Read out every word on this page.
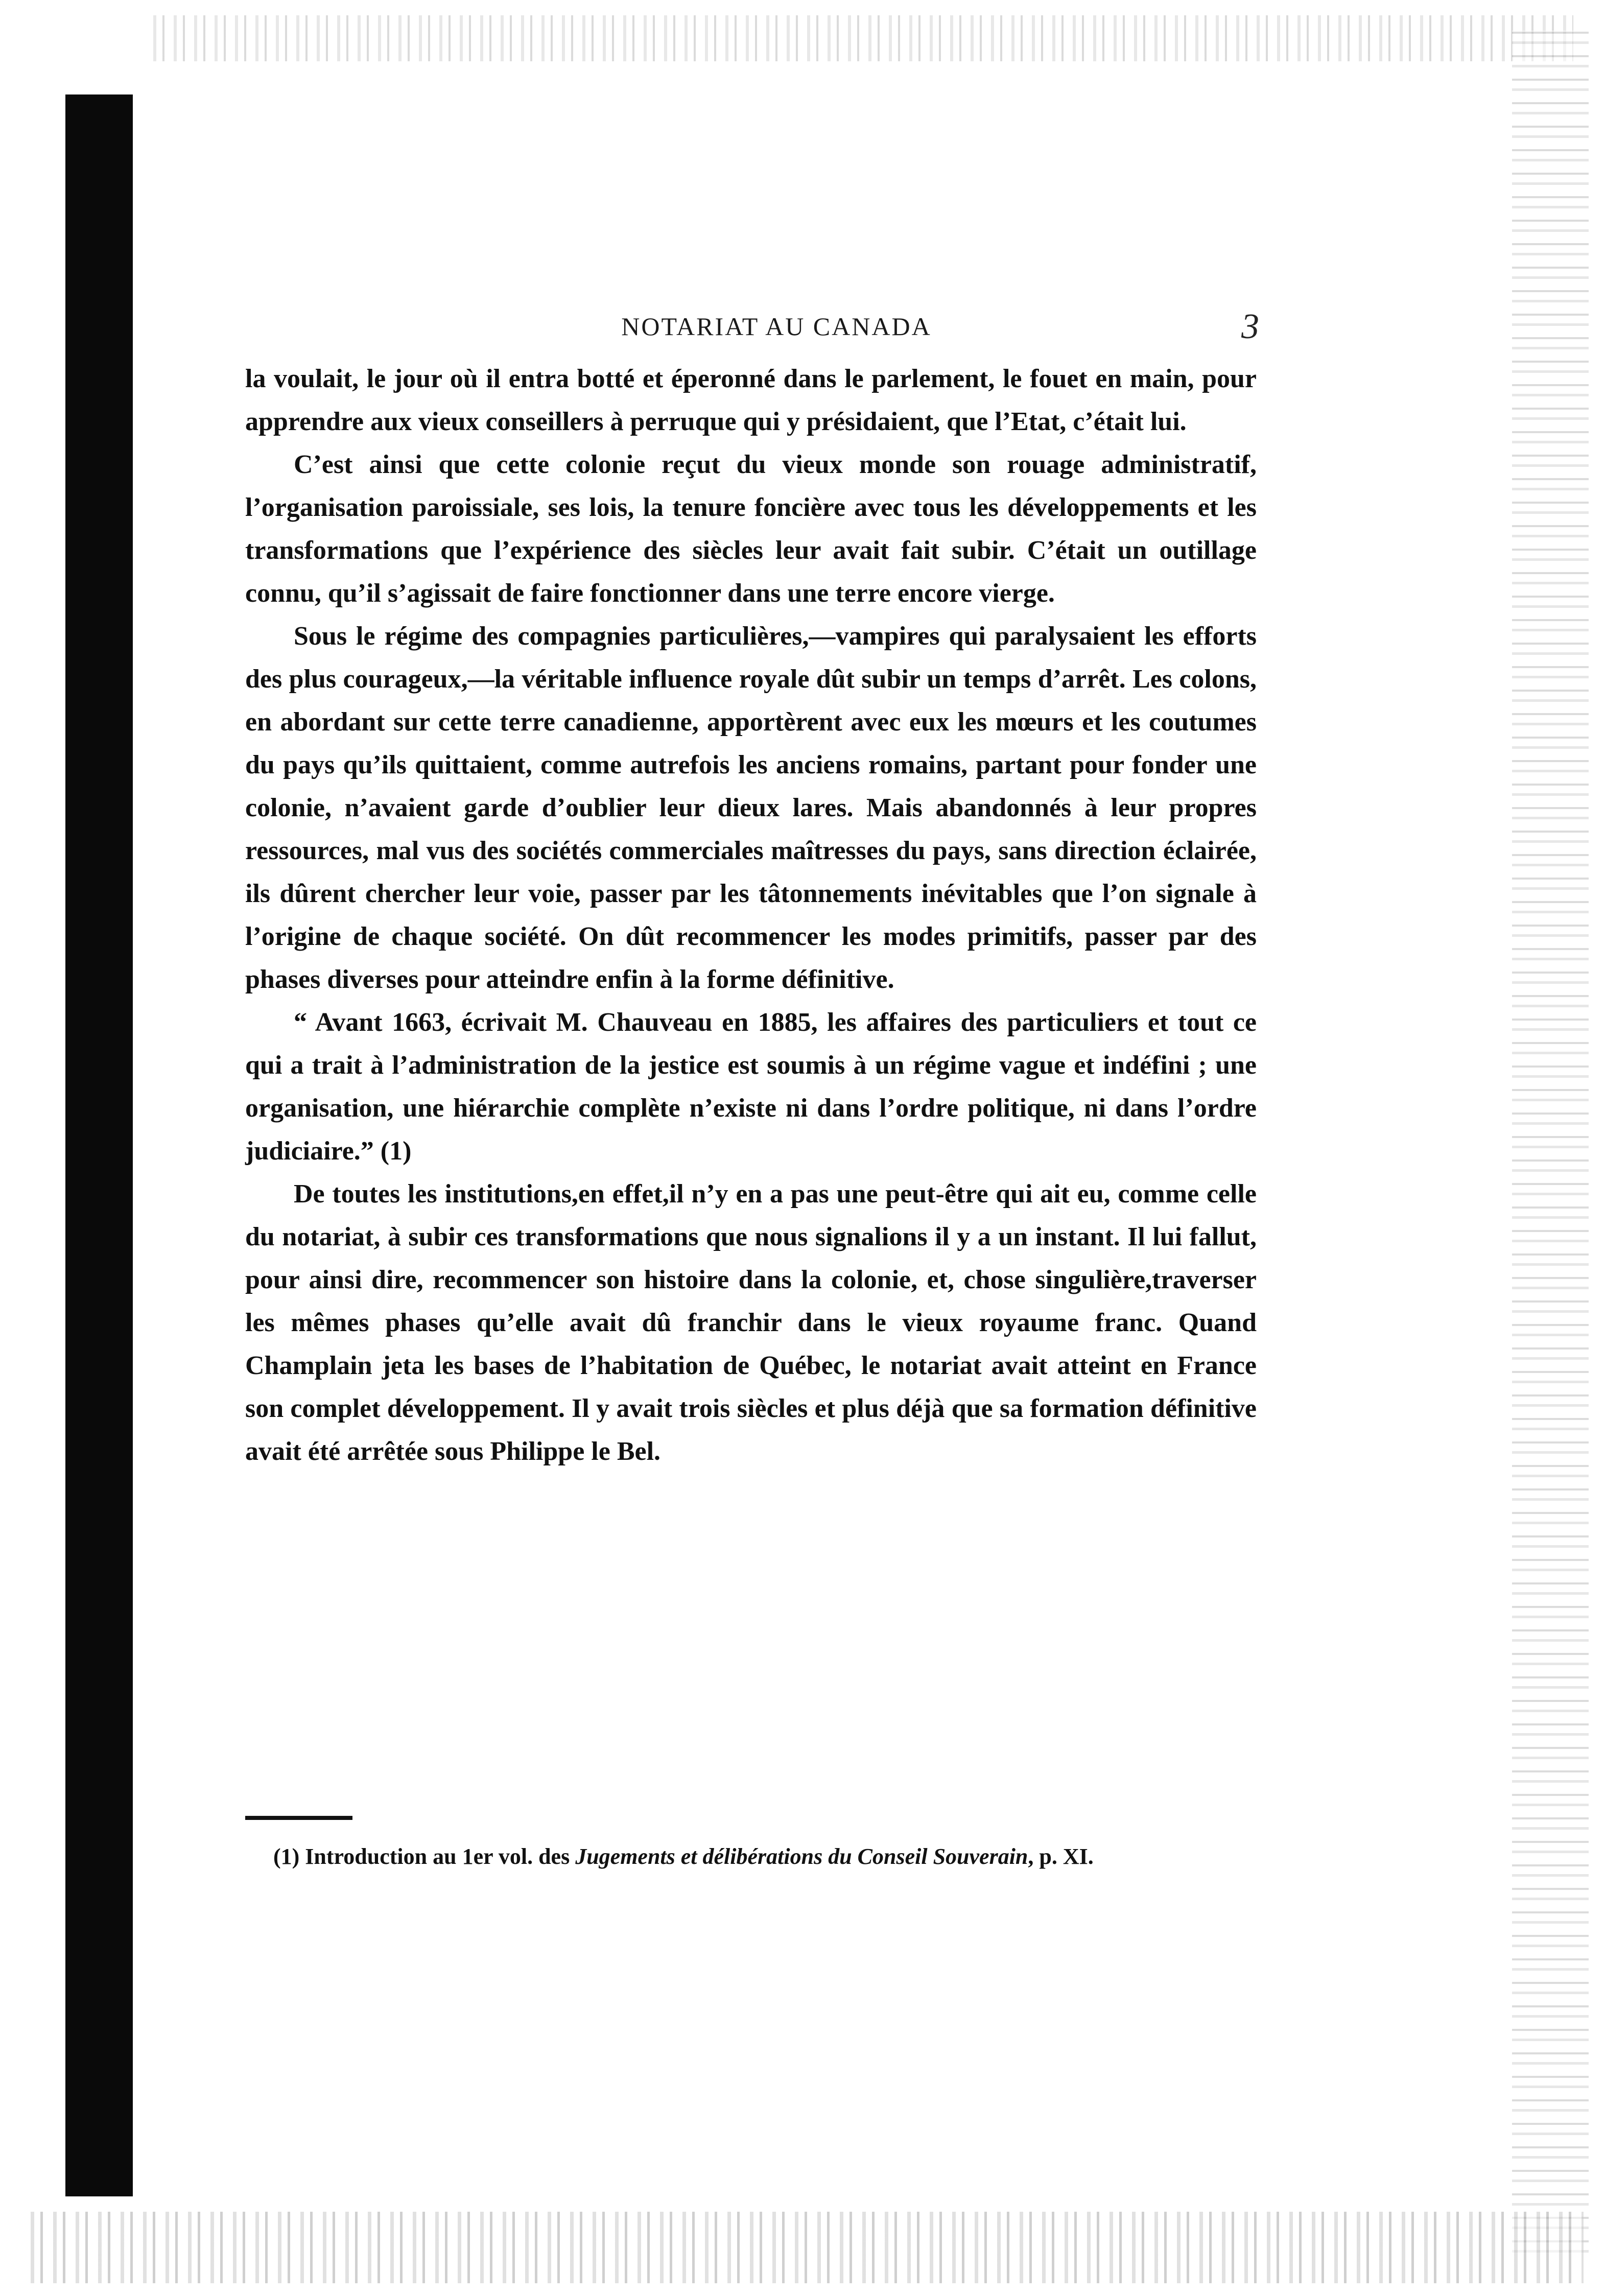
NOTARIAT AU CANADA	3

la voulait, le jour où il entra botté et éperonné dans le parlement, le fouet en main, pour apprendre aux vieux conseillers à perruque qui y présidaient, que l’Etat, c’était lui.

C’est ainsi que cette colonie reçut du vieux monde son rouage administratif, l’organisation paroissiale, ses lois, la tenure foncière avec tous les développements et les transformations que l’expérience des siècles leur avait fait subir. C’était un outillage connu, qu’il s’agissait de faire fonctionner dans une terre encore vierge.

Sous le régime des compagnies particulières,—vampires qui paralysaient les efforts des plus courageux,—la véritable influence royale dût subir un temps d’arrêt. Les colons, en abordant sur cette terre canadienne, apportèrent avec eux les mœurs et les coutumes du pays qu’ils quittaient, comme autrefois les anciens romains, partant pour fonder une colonie, n’avaient garde d’oublier leur dieux lares. Mais abandonnés à leur propres ressources, mal vus des sociétés commerciales maîtresses du pays, sans direction éclairée, ils dûrent chercher leur voie, passer par les tâtonnements inévitables que l’on signale à l’origine de chaque société. On dût recommencer les modes primitifs, passer par des phases diverses pour atteindre enfin à la forme définitive.

“ Avant 1663, écrivait M. Chauveau en 1885, les affaires des particuliers et tout ce qui a trait à l’administration de la jestice est soumis à un régime vague et indéfini ; une organisation, une hiérarchie complète n’existe ni dans l’ordre politique, ni dans l’ordre judiciaire.” (1)

De toutes les institutions,en effet,il n’y en a pas une peut-être qui ait eu, comme celle du notariat, à subir ces transformations que nous signalions il y a un instant. Il lui fallut, pour ainsi dire, recommencer son histoire dans la colonie, et, chose singulière,traverser les mêmes phases qu’elle avait dû franchir dans le vieux royaume franc. Quand Champlain jeta les bases de l’habitation de Québec, le notariat avait atteint en France son complet développement. Il y avait trois siècles et plus déjà que sa formation définitive avait été arrêtée sous Philippe le Bel.

(1) Introduction au 1er vol. des Jugements et délibérations du Conseil Souverain, p. XI.
